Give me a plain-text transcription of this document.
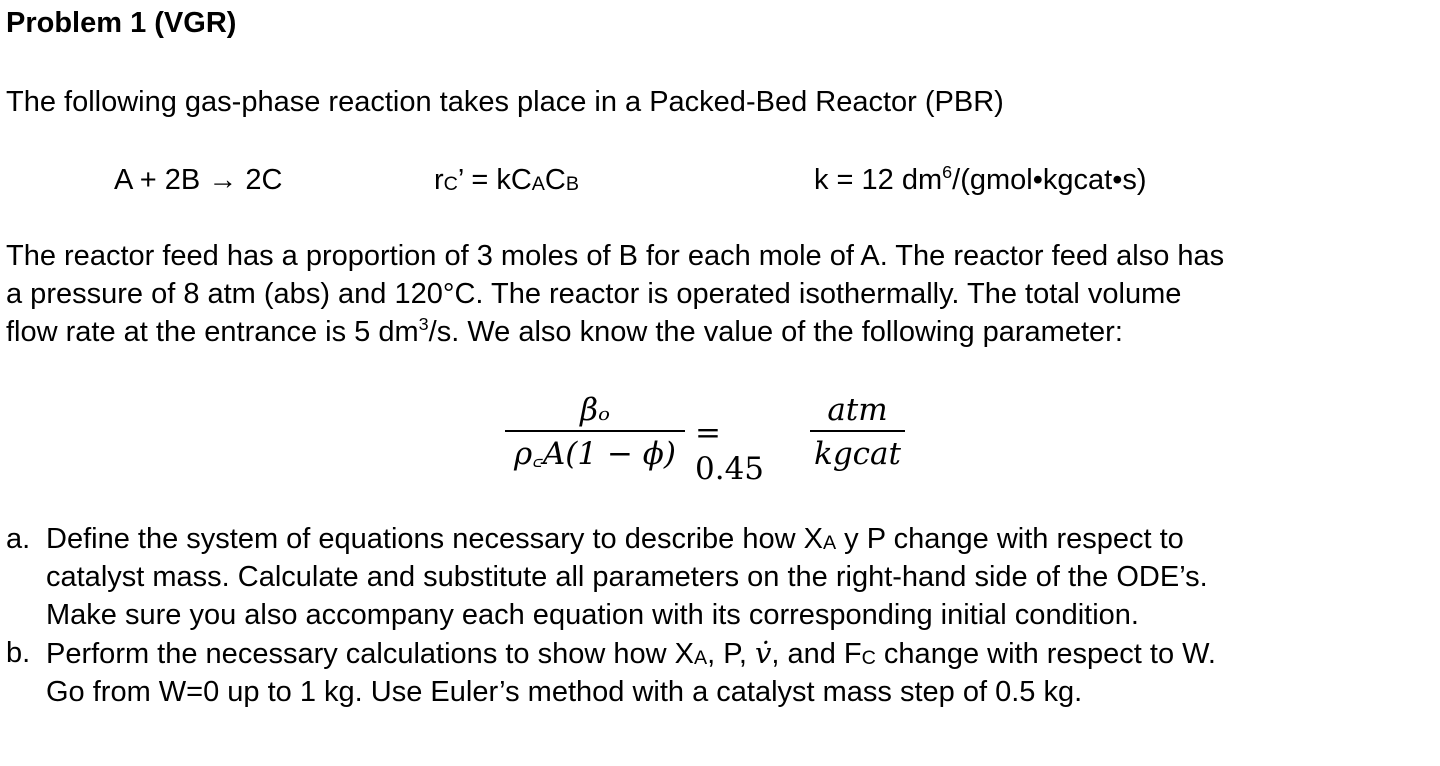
Problem 1 (VGR)
The following gas-phase reaction takes place in a Packed-Bed Reactor (PBR)
A + 2B → 2C	$r_C$’ = $kC_AC_B$	k = 12 $dm^6/(gmol•kgcat•s)$
The reactor feed has a proportion of 3 moles of B for each mole of A. The reactor feed also has
a pressure of 8 atm (abs) and 120°C. The reactor is operated isothermally. The total volume
flow rate at the entrance is 5 $dm^3/s$. We also know the value of the following parameter:
βₒ
ρ꜀A(1 − ϕ)
= 0.45
atm
kgcat
a. Define the system of equations necessary to describe how $X_A$ y P change with respect to
catalyst mass. Calculate and substitute all parameters on the right-hand side of the ODE’s.
Make sure you also accompany each equation with its corresponding initial condition.
b. Perform the necessary calculations to show how $X_A$, P, v̇, and $F_C$ change with respect to W.
Go from W=0 up to 1 kg. Use Euler’s method with a catalyst mass step of 0.5 kg.
